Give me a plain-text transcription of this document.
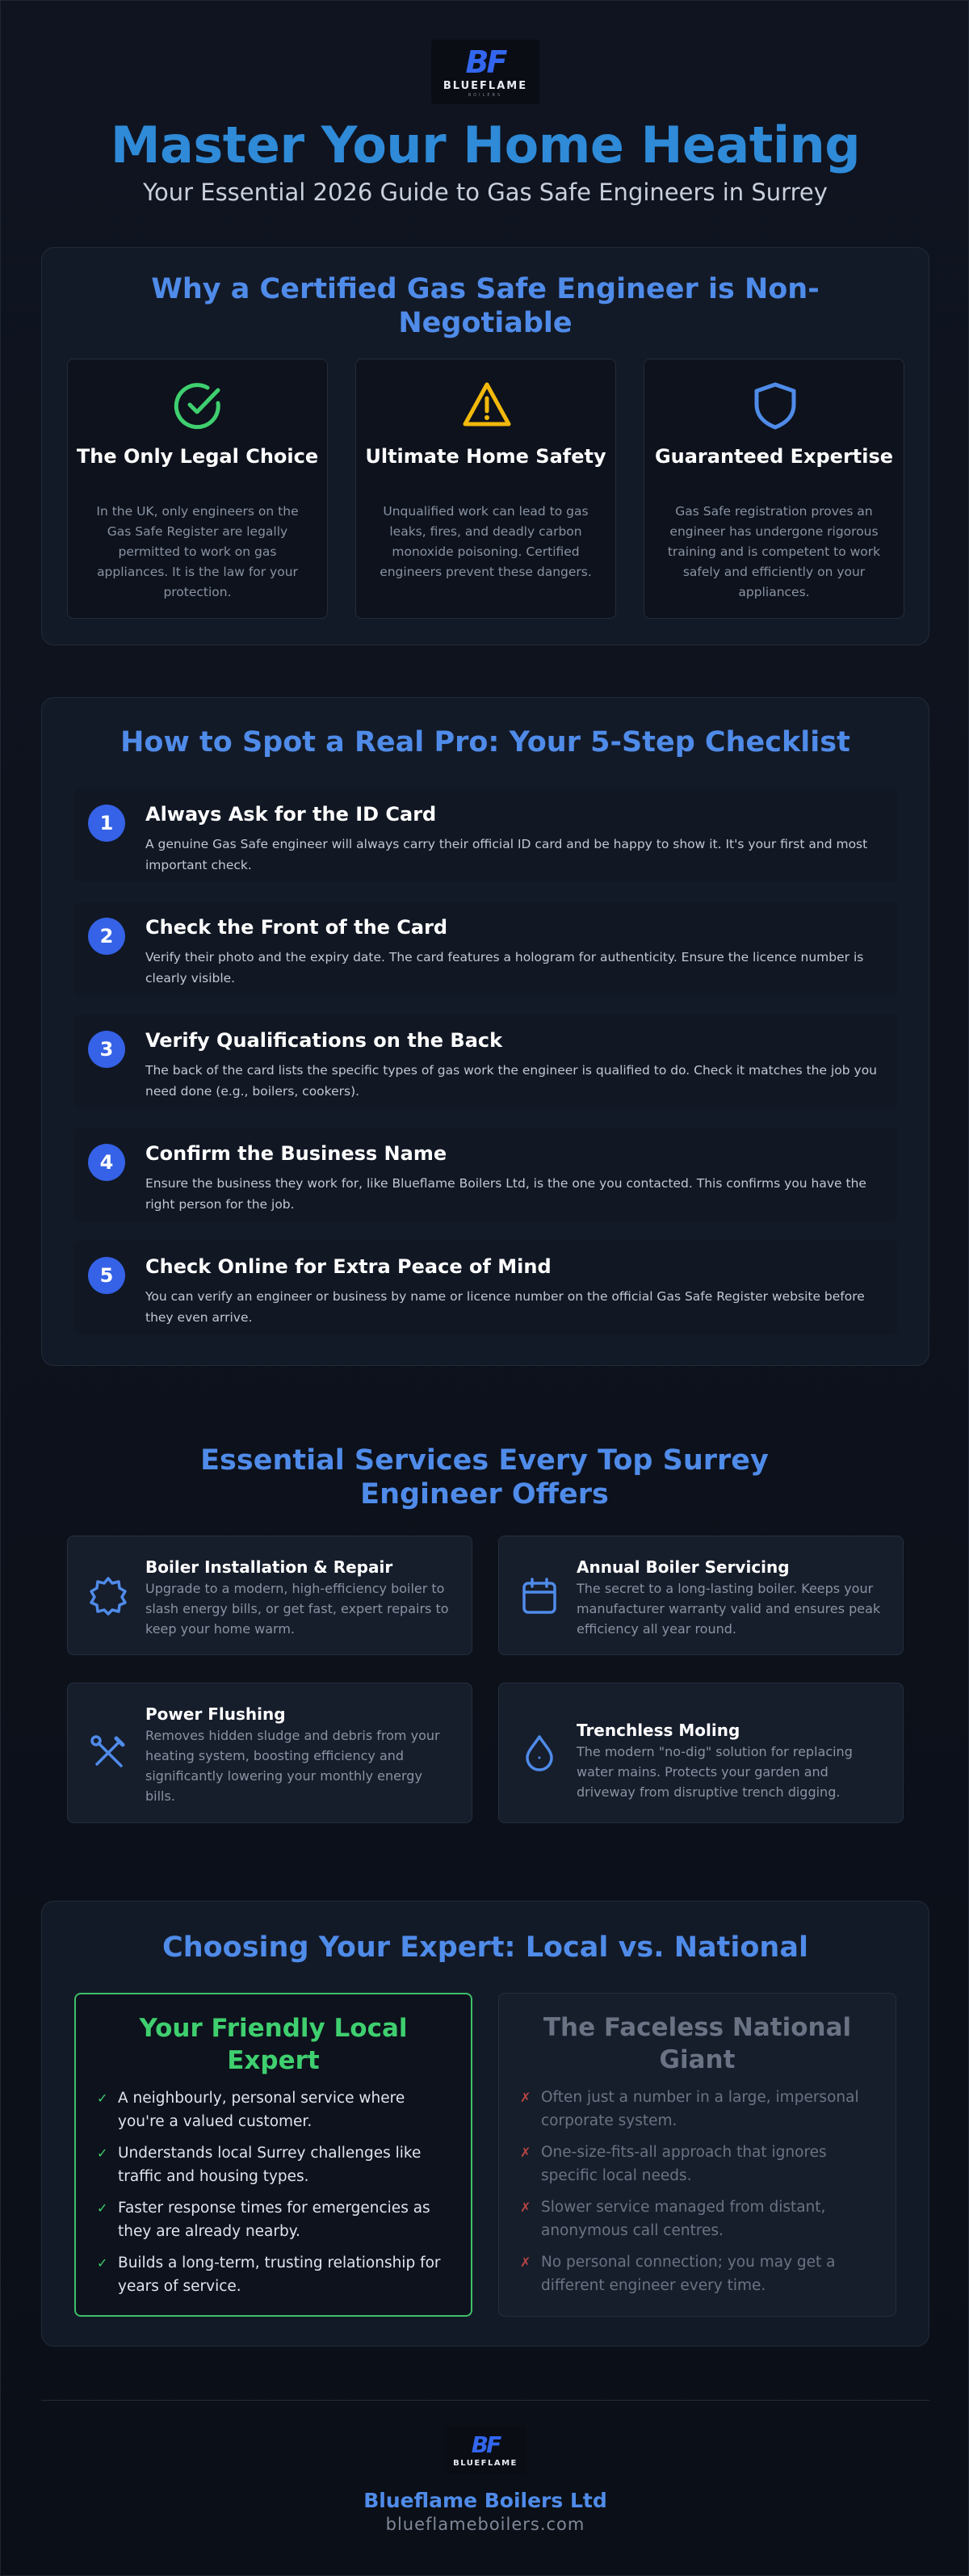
BF
BLUEFLAME
BOILERS
Master Your Home Heating
Your Essential 2026 Guide to Gas Safe Engineers in Surrey
Why a Certified Gas Safe Engineer is Non-Negotiable
The Only Legal Choice

In the UK, only engineers on the Gas Safe Register are legally permitted to work on gas appliances. It is the law for your protection.

Ultimate Home Safety

Unqualified work can lead to gas leaks, fires, and deadly carbon monoxide poisoning. Certified engineers prevent these dangers.

Guaranteed Expertise

Gas Safe registration proves an engineer has undergone rigorous training and is competent to work safely and efficiently on your appliances.

How to Spot a Real Pro: Your 5-Step Checklist
1	Always Ask for the ID Card

A genuine Gas Safe engineer will always carry their official ID card and be happy to show it. It's your first and most important check.

2	Check the Front of the Card

Verify their photo and the expiry date. The card features a hologram for authenticity. Ensure the licence number is clearly visible.

3	Verify Qualifications on the Back

The back of the card lists the specific types of gas work the engineer is qualified to do. Check it matches the job you need done (e.g., boilers, cookers).

4	Confirm the Business Name

Ensure the business they work for, like Blueflame Boilers Ltd, is the one you contacted. This confirms you have the right person for the job.

5	Check Online for Extra Peace of Mind

You can verify an engineer or business by name or licence number on the official Gas Safe Register website before they even arrive.

Essential Services Every Top Surrey Engineer Offers
Boiler Installation & Repair

Upgrade to a modern, high-efficiency boiler to slash energy bills, or get fast, expert repairs to keep your home warm.

Annual Boiler Servicing

The secret to a long-lasting boiler. Keeps your manufacturer warranty valid and ensures peak efficiency all year round.

Power Flushing

Removes hidden sludge and debris from your heating system, boosting efficiency and significantly lowering your monthly energy bills.

Trenchless Moling

The modern "no-dig" solution for replacing water mains. Protects your garden and driveway from disruptive trench digging.

Choosing Your Expert: Local vs. National
Your Friendly Local Expert
✓ A neighbourly, personal service where you're a valued customer.
✓ Understands local Surrey challenges like traffic and housing types.
✓ Faster response times for emergencies as they are already nearby.
✓ Builds a long-term, trusting relationship for years of service.
The Faceless National Giant
✗ Often just a number in a large, impersonal corporate system.
✗ One-size-fits-all approach that ignores specific local needs.
✗ Slower service managed from distant, anonymous call centres.
✗ No personal connection; you may get a different engineer every time.
BF
BLUEFLAME
Blueflame Boilers Ltd
blueflameboilers.com
